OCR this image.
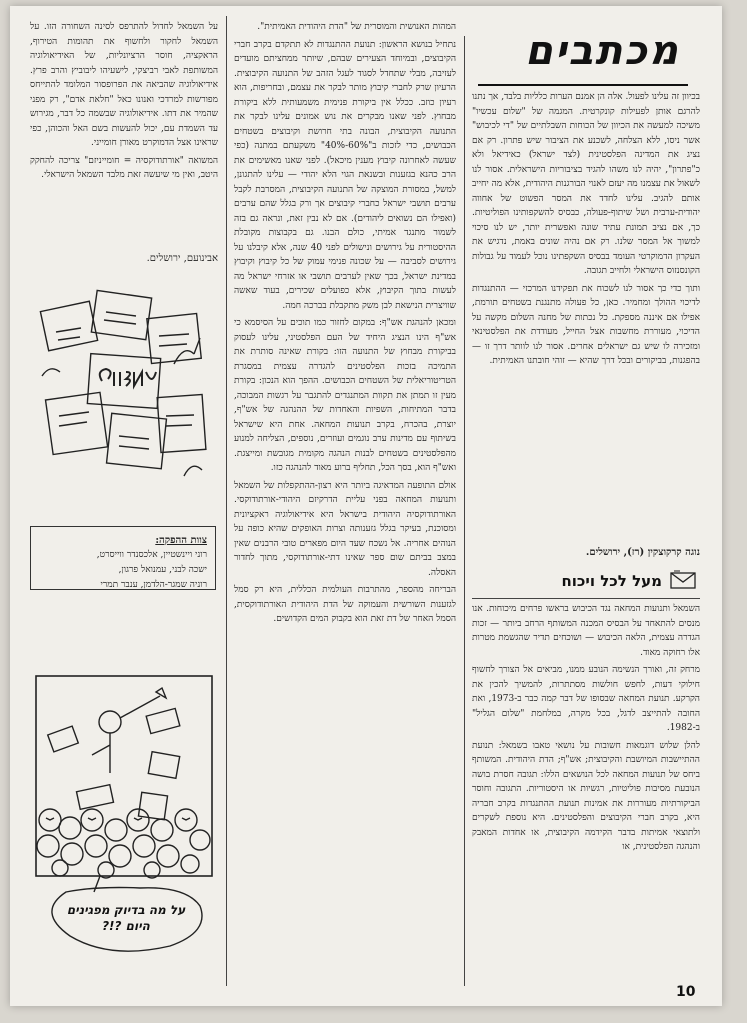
מכתבים

בכיוון זה עלינו לפעול. אלה הן אמנם הערות כלליות בלבד, אך נתנו להרגם אותן לפעילות קונקרטית. המגמה של "שלום עכשיו" משיכה למעשה את הכיוון של הכוחות השבלתיים של "די לכיבוש" אשר ניסו, ללא הצלחה, לשכנע את הציבור שיש פתרון. רק אם נציג את המדינה הפלסטינית (לצד ישראל) כאידיאל ולא כ"פתרון", יהיה לנו משהו להגיד בציבוריות הישראלית. אסור לנו לשאול את עצמנו מה יעזם לאנוי הבורגנות היהודית, אלא מה יחייב אותם להגיב. עלינו לחדד את המסר הפשוט של אחווה יהודית-ערבית ושל שיתוף-פעולה, כבסיס להשקפותינו הפוליטיות. כך, אם נציב תמונת עתיד שונה ואפשרית יותר, יש לנו סיכוי למשוך אל המסר שלנו. רק אם נהיה שונים באמת, נדגיש את העקרון הדמוקרטי העומד בבסיס השקפתינו נוכל לעמוד על גבולות הקונסנזוס הישראלי ולחייב תגובה.

ותוך כדי כך אסור לנו לשכוח את תפקידנו המרכזי — ההתנגדות לדיכוי ההולך ומחמיר. כאן, כל פעולה מתנגנת בשטחים תורמת, אפילו אם איננה מספקת. כל נכתות של מחנה השלום מקשה על הדיכוי, מעוררת מחשבות אצל החייל, מעודדת את הפלסטינאי ומזכירה לו שיש גם ישראלים אחרים. אסור לנו לוותר דרך זו — בהפגנות, בביקורים ובכל דרך שהיא — זוהי חובתנו האמיתית.

נוגה קרקוצקין (רז), ירושלים.
מעל לכל ויכוח

השמאל ותנועות המחאה נגד הכיבוש בראשו פרחים מיכוחות. אנו מנסים להתאחד על הבסיס המכנה המשותף הרחב ביותר — זכות הגדרה עצמית, הלאה הכיבוש — ושוכחים תדיר שהגשמת מטרות אלו רחוקה מאוד.

מרחק זה, ואורך הנשימה הנובע ממנו, מביאים אל הצורך לחשוף חילוקי דעות, לחפש חולשות מסתתרות, להמשיך להכין את הקרקע. תנועת המחאה שבסופו של דבר קמה כבר ב-1973, ואת החובה להתייצב לדגל, בכל מקרה, במלחמת "שלום הגליל" ב-1982.

להלן שלוש דוגמאות חשובות על נושאי טאבו בשמאל: תנועת ההתיישבות המיושבת והקיבוצית; אש"ף; הדת היהודית. המשותף ביחס של תנועות המחאה לכל הנושאים הללו: תגובה חסרת בושה הנובעת מסיבות פוליטיות, רגשיות או היסטוריות. התגובה וחוסר הביקורתיות מעוררות את אמינות תנועת ההתנגדות בקרב חבריה היא, בקרב חברי הקיבוצים והפלסטינים. היא נוספת לשקרים ולתוצאי אמיתות בדבר הקידמה הקיבוצית, או אחדות המאבק והנהגה הפלסטינית, או

המהות האנושית והמוסרית של "הדת היהודית האמיתית".

נתחיל בנושא הראשון: תנועת ההתנגדות לא תתקדם בקרב חברי הקיבוצים, ובמיוחד הצעירים שבהם, שיותר ממחציתם מועדים לעזיבה, מבלי שתחדל לסגוד לעגל הזהב של התנועה הקיבוצית. הרעיון שרק לחברי קיבוץ מותר לבקר את עצמם, ובחריפות, הוא רעיון כוזב. ככלל אין ביקורת פנימית משמעותית ללא ביקורת מבחוץ. לפני שאנו מבקרים את נוש אמונים עלינו לבקר את התנועה הקיבוצית, הבונה בתי חרושת וקיבוצים בשטחים הכבושים, כדי לזכות ב"60%-40%" משקעתם במתנה (כפי שעשה לאחרונה קיבוץ מענין מיכאל). לפני שאנו מאשימים את הרב כהנא בגזענות ובשנאת הגוי הלא יהודי — עלינו להתגונן, למשל, במסורת המוצקה של התנועה הקיבוצית, המסרבת לקבל ערבים תושבי ישראל כחברי קיבוצים אך ורק בגלל שהם ערבים (ואפילו הם נשואים ליהודים). אם לא נבין זאת, ונראה גם בזה לשמור מתנגד אמיתי, כולם הבנו. גם בקבוצות מקובלת ההיסטורית על גירושים ונישולים לפני 40 שנה, אלא קיבלנו על גירושים לסביבה — על שכונה פנימי עמוק של כל קיבוץ וקיבוץ במדינת ישראל, בכך שאין לערבים תושבי או אזרחי ישראל מה לעשות בתוך הקיבוץ, אלא כפועלים שכירים, בעוד שאשה שוויצרית הנישאת לבן משק מתקבלת בברכה חמה.

ומכאן להנהגת אש"ף: במקום לחזור כמו תוכים על הסיסמא כי אש"ף הינו הנציג היחיד של העם הפלסטיני, עלינו לעסוק בביקורת מבחוץ של התנועה הזו: בקורת שאינה סותרת את התמיכה בזכות הפלסטינים להגדרה עצמית במסגרת הטריטוריאלית של השטחים הכבושים. ההפך הוא הנכון: בקורת מעין זו תמתן את תקוות המתנגדים להתגבר על רגשות המבוכה, בדבר המתיחות, השפיות והאחדות של ההנהגה של אש"ף, יוצרת, בהכרח, בקרב תנועות המחאה. אחת היא שישראל בשיתוף עם מדינות ערב נוגמים ועוזרים, נוספים, הצליחה למנוע מהפלסטינים בשטחים לבנות הנהגה מקומית מגובשת ומייצגת. ואש"ף הוא, בסך הכל, תחליף ברוע מאוד להנהגה כזו.

אולם התופעה המדאיגה ביותר היא רצון-ההתקפלות של השמאל ותנועות המחאה בפני עליית הדרקיזם היהודי-אורתודוקסי. האורתודוקסיה היהודית בישראל היא אידיאולוגיה ראקציונית ומסוכנת, בעיקר בגלל גזענותה וצרות האופקים שהיא כופה על הנוהים אחריה. אל נשכח שעד היום מפארים טובי הרבנים שאין במצב בביתם שום ספר שאינו דתי-אורתודוקסי, מתוך לחדור האסלה.

הבריחה מהספר, מהתרבות העולמית הכללית, היא רק סמל לגזענות השורשית והעמוקה של הדת היהודית האורתודוקסית, הסמל האחר של דת זאת הוא בקבוק המים הקדושים.

על השמאל לחדול להתרפס לסינה השחורה הזו. על השמאל לחקור ולחשוף את תהומות הטירוף, הראקציה, חוסר הרציונליות, של האידיאולוגיה המשותפת לאבי רביצקי, לישעיהו ליבוביץ והרב פרץ. אידיאולוגיה שהביאה את הפרופסור המלומד להתייחס מפורשות למרדכי ואנונו כאל "חלאת אדם", רק מפני שהמיר את דתו. אידיאולוגיה שבשמה כל דבר, מגירוש עד השמדת עם, יכול להעשות בשם האל והכוהן, כפי שראינו אצל הדמוקרט מאורן חומייני.

המשואה "אורתודוקסיה = חומייניזם" צריכה להחקק היטב, ואין מי שיעשה זאת מלבד השמאל הישראלי.

אבינועם, ירושלים.
צוות ההפקה:
רוני ויינשטיין, אלכסנדר ווייסרט,
ישכה לבני, עמנואל פרגון,
רוניה שמגר-הלדמן, ענבר תמרי
על מה בדיוק מפגינים היום ?!?
10
